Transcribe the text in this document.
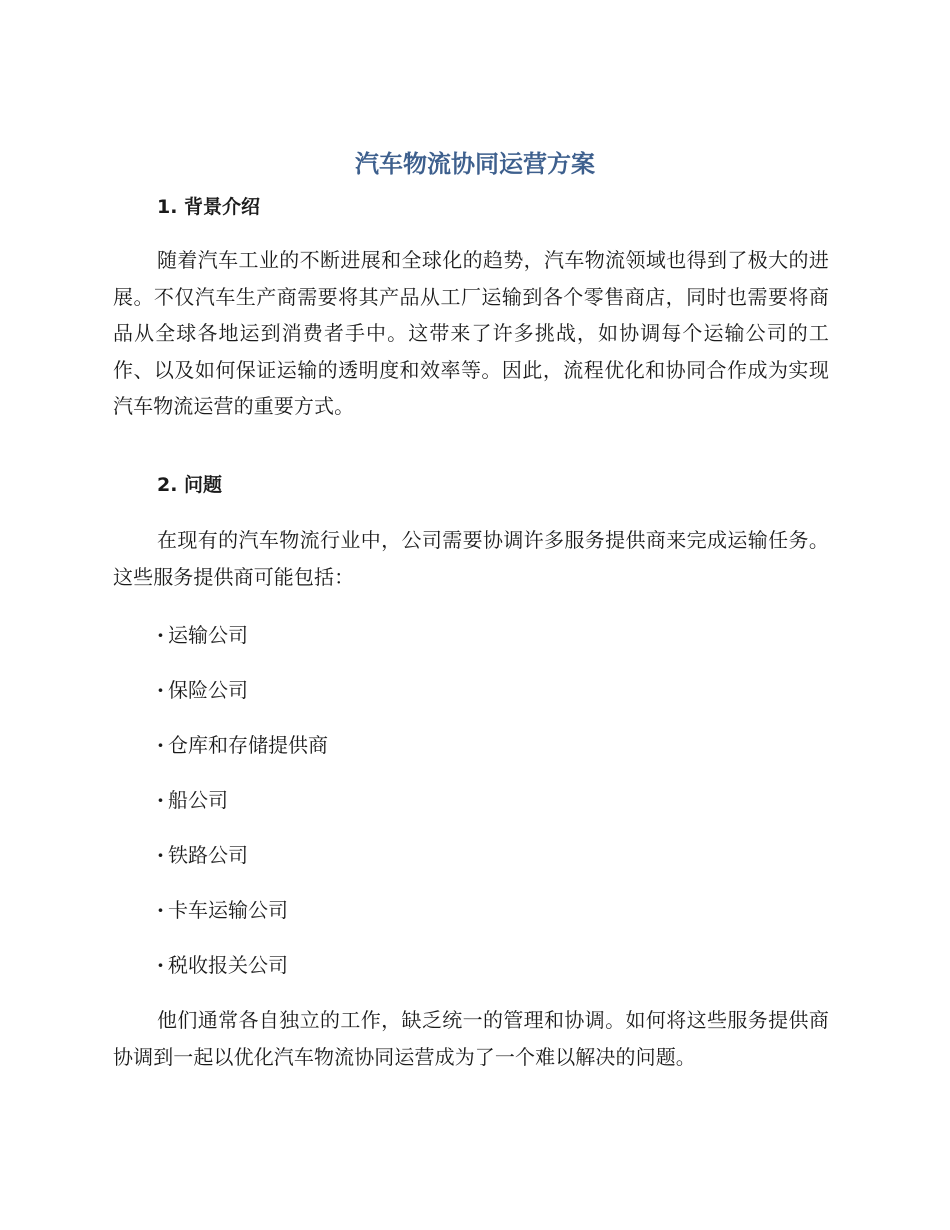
汽车物流协同运营方案
1. 背景介绍

随着汽车工业的不断进展和全球化的趋势，汽车物流领域也得到了极大的进展。不仅汽车生产商需要将其产品从工厂运输到各个零售商店，同时也需要将商品从全球各地运到消费者手中。这带来了许多挑战，如协调每个运输公司的工作、以及如何保证运输的透明度和效率等。因此，流程优化和协同合作成为实现汽车物流运营的重要方式。

2. 问题

在现有的汽车物流行业中，公司需要协调许多服务提供商来完成运输任务。这些服务提供商可能包括：

· 运输公司

· 保险公司

· 仓库和存储提供商

· 船公司

· 铁路公司

· 卡车运输公司

· 税收报关公司

他们通常各自独立的工作，缺乏统一的管理和协调。如何将这些服务提供商协调到一起以优化汽车物流协同运营成为了一个难以解决的问题。
